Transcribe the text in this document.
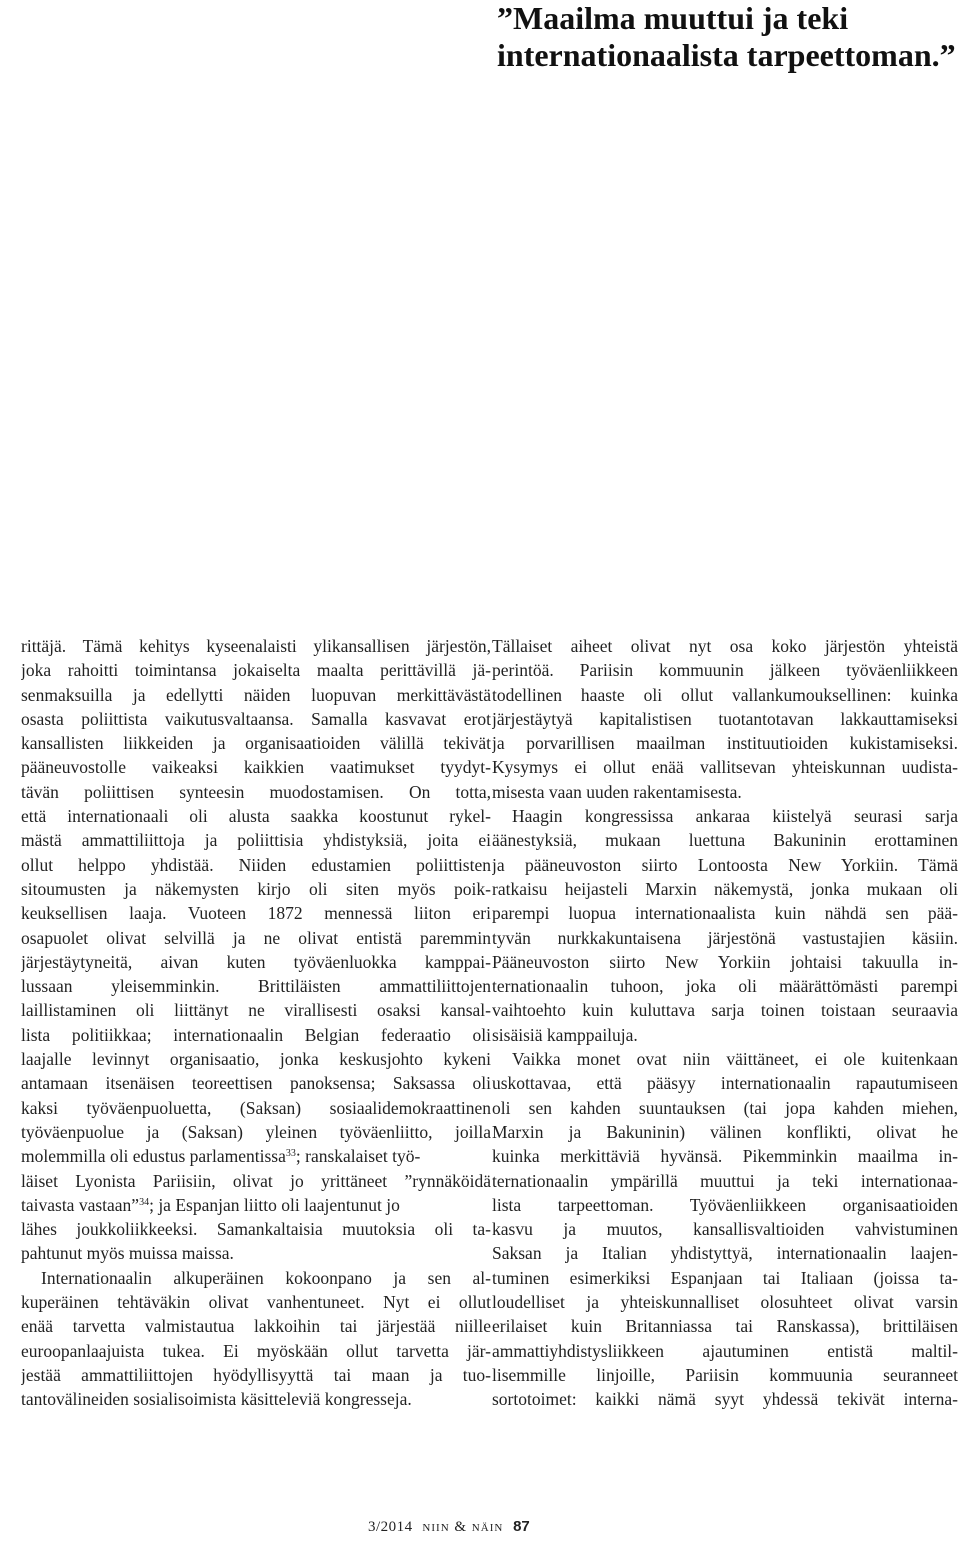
”Maailma muuttui ja teki
internationaalista tarpeettoman.”
rittäjä. Tämä kehitys kyseenalaisti ylikansallisen järjestön,
joka rahoitti toimintansa jokaiselta maalta perittävillä jä-
senmaksuilla ja edellytti näiden luopuvan merkittävästä
osasta poliittista vaikutusvaltaansa. Samalla kasvavat erot
kansallisten liikkeiden ja organisaatioiden välillä tekivät
pääneuvostolle vaikeaksi kaikkien vaatimukset tyydyt-
tävän poliittisen synteesin muodostamisen. On totta,
että internationaali oli alusta saakka koostunut rykel-
mästä ammattiliittoja ja poliittisia yhdistyksiä, joita ei
ollut helppo yhdistää. Niiden edustamien poliittisten
sitoumusten ja näkemysten kirjo oli siten myös poik-
keuksellisen laaja. Vuoteen 1872 mennessä liiton eri
osapuolet olivat selvillä ja ne olivat entistä paremmin
järjestäytyneitä, aivan kuten työväenluokka kamppai-
lussaan yleisemminkin. Brittiläisten ammattiliittojen
laillistaminen oli liittänyt ne virallisesti osaksi kansal-
lista politiikkaa; internationaalin Belgian federaatio oli
laajalle levinnyt organisaatio, jonka keskusjohto kykeni
antamaan itsenäisen teoreettisen panoksensa; Saksassa oli
kaksi työväenpuoluetta, (Saksan) sosiaalidemokraattinen
työväenpuolue ja (Saksan) yleinen työväenliitto, joilla
molemmilla oli edustus parlamentissa$^{33}$; ranskalaiset työ-
läiset Lyonista Pariisiin, olivat jo yrittäneet ”rynnäköidä
taivasta vastaan”$^{34}$; ja Espanjan liitto oli laajentunut jo
lähes joukkoliikkeeksi. Samankaltaisia muutoksia oli ta-
pahtunut myös muissa maissa.
Internationaalin alkuperäinen kokoonpano ja sen al-
kuperäinen tehtäväkin olivat vanhentuneet. Nyt ei ollut
enää tarvetta valmistautua lakkoihin tai järjestää niille
euroopanlaajuista tukea. Ei myöskään ollut tarvetta jär-
jestää ammattiliittojen hyödyllisyyttä tai maan ja tuo-
tantovälineiden sosialisoimista käsitteleviä kongresseja.
Tällaiset aiheet olivat nyt osa koko järjestön yhteistä
perintöä. Pariisin kommuunin jälkeen työväenliikkeen
todellinen haaste oli ollut vallankumouksellinen: kuinka
järjestäytyä kapitalistisen tuotantotavan lakkauttamiseksi
ja porvarillisen maailman instituutioiden kukistamiseksi.
Kysymys ei ollut enää vallitsevan yhteiskunnan uudista-
misesta vaan uuden rakentamisesta.
Haagin kongressissa ankaraa kiistelyä seurasi sarja
äänestyksiä, mukaan luettuna Bakuninin erottaminen
ja pääneuvoston siirto Lontoosta New Yorkiin. Tämä
ratkaisu heijasteli Marxin näkemystä, jonka mukaan oli
parempi luopua internationaalista kuin nähdä sen pää-
tyvän nurkkakuntaisena järjestönä vastustajien käsiin.
Pääneuvoston siirto New Yorkiin johtaisi takuulla in-
ternationaalin tuhoon, joka oli määrättömästi parempi
vaihtoehto kuin kuluttava sarja toinen toistaan seuraavia
sisäisiä kamppailuja.
Vaikka monet ovat niin väittäneet, ei ole kuitenkaan
uskottavaa, että pääsyy internationaalin rapautumiseen
oli sen kahden suuntauksen (tai jopa kahden miehen,
Marxin ja Bakuninin) välinen konflikti, olivat he
kuinka merkittäviä hyvänsä. Pikemminkin maailma in-
ternationaalin ympärillä muuttui ja teki internationaa-
lista tarpeettoman. Työväenliikkeen organisaatioiden
kasvu ja muutos, kansallisvaltioiden vahvistuminen
Saksan ja Italian yhdistyttyä, internationaalin laajen-
tuminen esimerkiksi Espanjaan tai Italiaan (joissa ta-
loudelliset ja yhteiskunnalliset olosuhteet olivat varsin
erilaiset kuin Britanniassa tai Ranskassa), brittiläisen
ammattiyhdistysliikkeen ajautuminen entistä maltil-
lisemmille linjoille, Pariisin kommuunia seuranneet
sortotoimet: kaikki nämä syyt yhdessä tekivät interna-
3/2014 niin & näin 87
